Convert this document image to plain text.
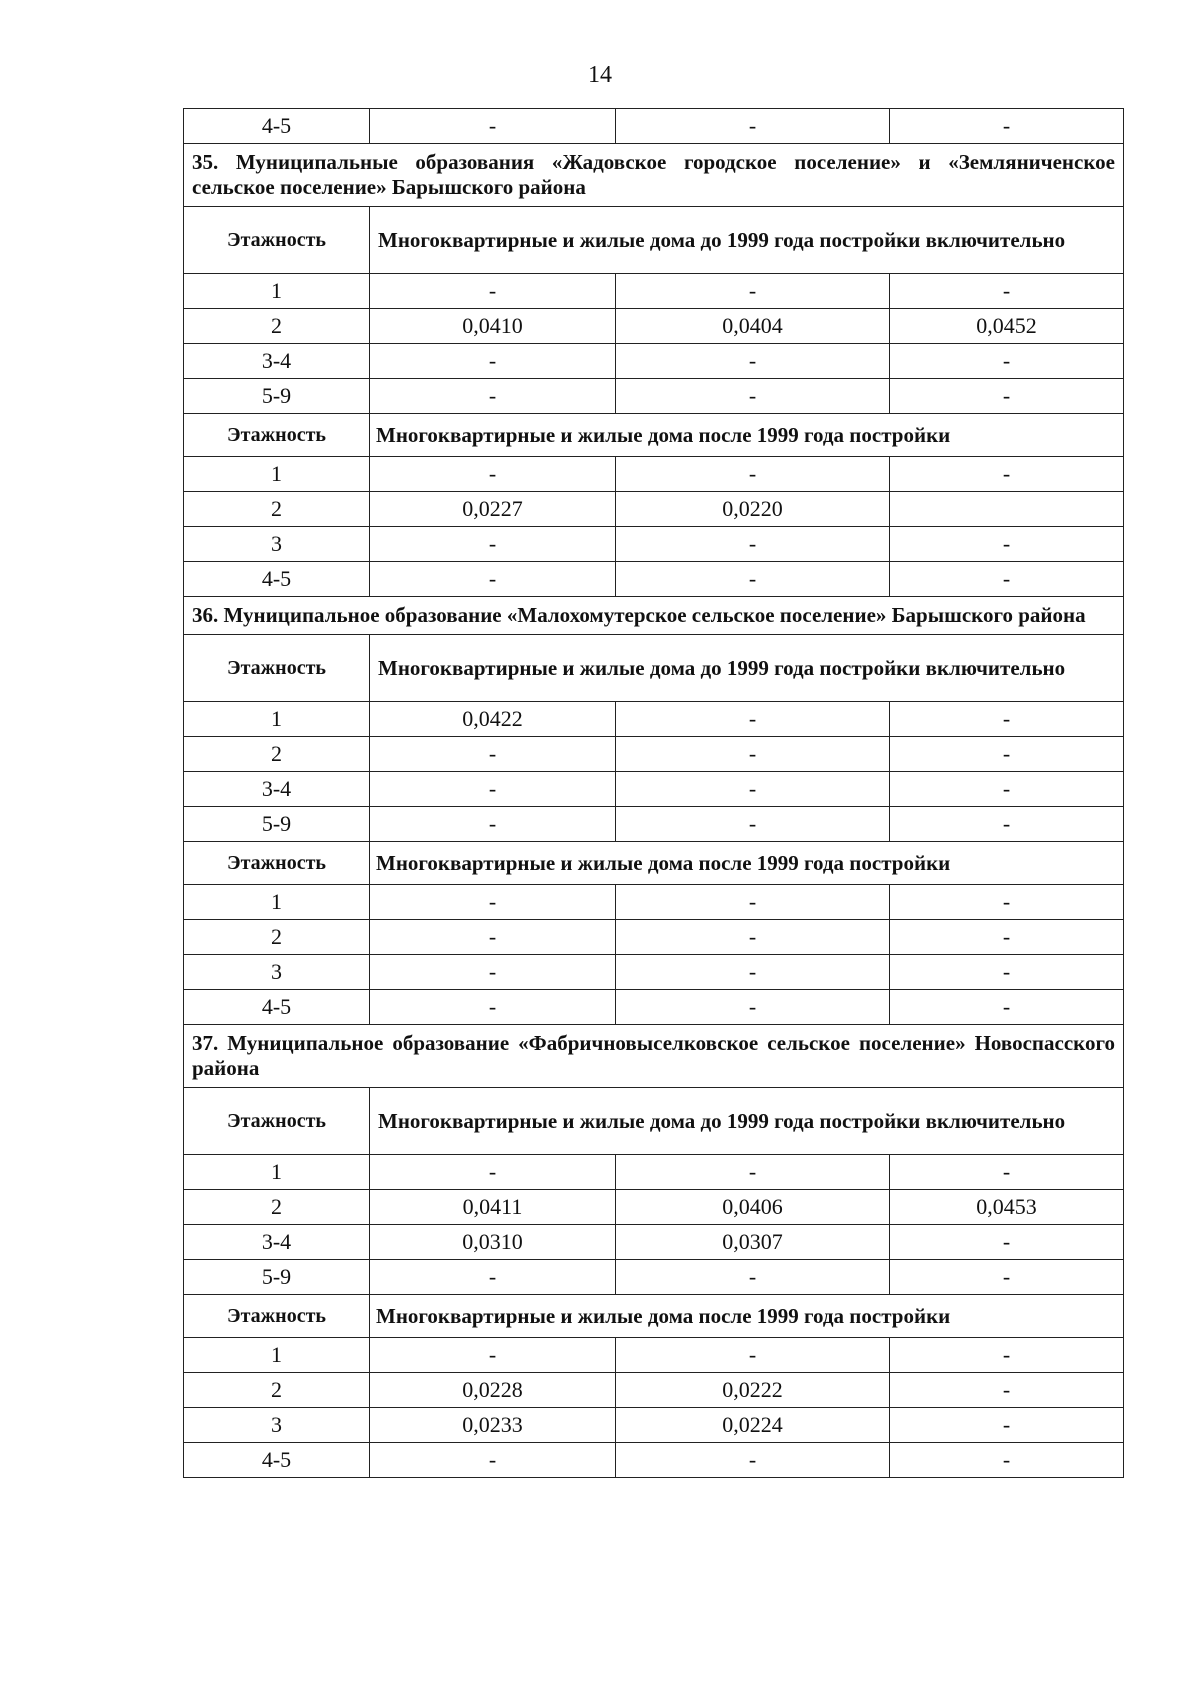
14
4-5	-	-	-
35. Муниципальные образования «Жадовское городское поселение» и «Земляниченское сельское поселение» Барышского района			
Этажность	Многоквартирные и жилые дома до 1999 года постройки включительно		
1	-	-	-
2	0,0410	0,0404	0,0452
3-4	-	-	-
5-9	-	-	-
Этажность	Многоквартирные и жилые дома после 1999 года постройки		
1	-	-	-
2	0,0227	0,0220	
3	-	-	-
4-5	-	-	-
36. Муниципальное образование «Малохомутерское сельское поселение» Барышского района			
Этажность	Многоквартирные и жилые дома до 1999 года постройки включительно		
1	0,0422	-	-
2	-	-	-
3-4	-	-	-
5-9	-	-	-
Этажность	Многоквартирные и жилые дома после 1999 года постройки		
1	-	-	-
2	-	-	-
3	-	-	-
4-5	-	-	-
37. Муниципальное образование «Фабричновыселковское сельское поселение» Новоспасского района			
Этажность	Многоквартирные и жилые дома до 1999 года постройки включительно		
1	-	-	-
2	0,0411	0,0406	0,0453
3-4	0,0310	0,0307	-
5-9	-	-	-
Этажность	Многоквартирные и жилые дома после 1999 года постройки		
1	-	-	-
2	0,0228	0,0222	-
3	0,0233	0,0224	-
4-5	-	-	-
